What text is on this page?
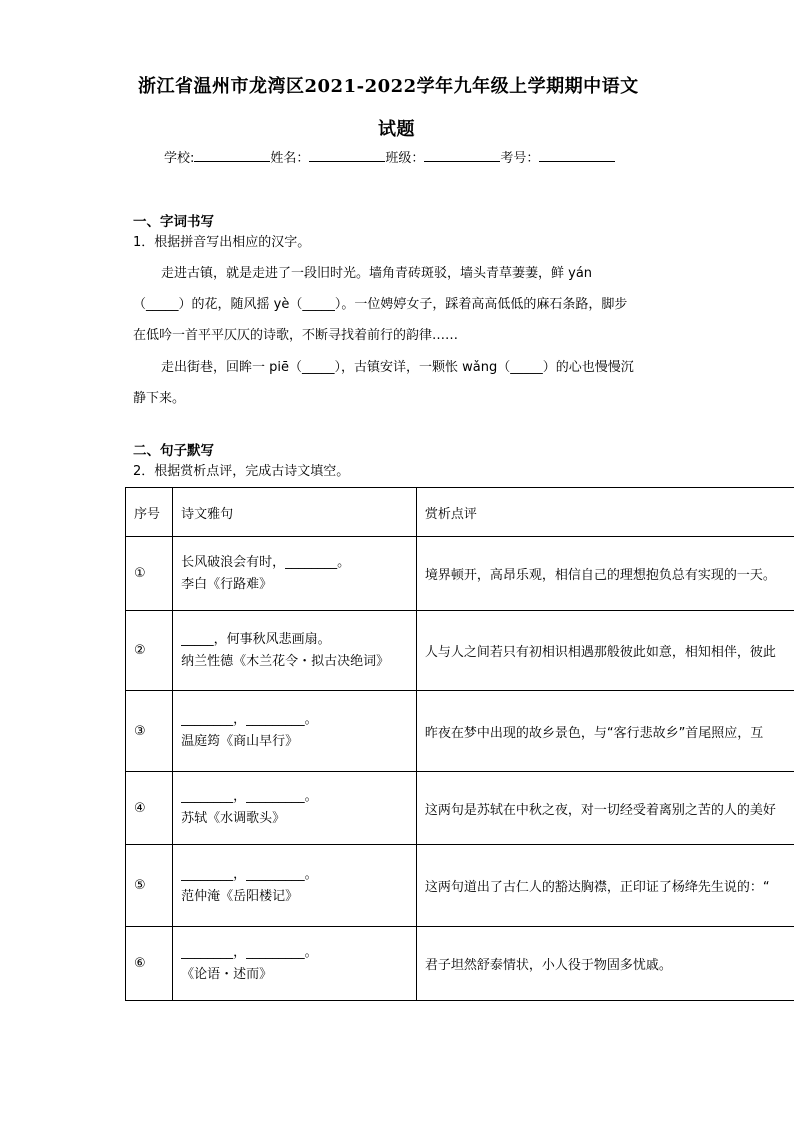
浙江省温州市龙湾区2021-2022学年九年级上学期期中语文
试题
学校:	姓名：	班级：	考号：
一、字词书写
1．根据拼音写出相应的汉字。
走进古镇，就是走进了一段旧时光。墙角青砖斑驳，墙头青草萋萋，鲜 yán
（_____）的花，随风摇 yè（_____）。一位娉婷女子，踩着高高低低的麻石条路，脚步
在低吟一首平平仄仄的诗歌，不断寻找着前行的韵律……
走出街巷，回眸一 piē（_____），古镇安详，一颗怅 wǎng（_____）的心也慢慢沉
静下来。
二、句子默写
2．根据赏析点评，完成古诗文填空。
序号	诗文雅句	赏析点评
①	长风破浪会有时，________。
李白《行路难》	境界顿开，高昂乐观，相信自己的理想抱负总有实现的一天。
②	_____，何事秋风悲画扇。
纳兰性德《木兰花令・拟古决绝词》	人与人之间若只有初相识相遇那般彼此如意，相知相伴，彼此
③	________，_________。
温庭筠《商山早行》	昨夜在梦中出现的故乡景色，与“客行悲故乡”首尾照应，互
④	________，_________。
苏轼《水调歌头》	这两句是苏轼在中秋之夜，对一切经受着离别之苦的人的美好
⑤	________，_________。
范仲淹《岳阳楼记》	这两句道出了古仁人的豁达胸襟，正印证了杨绛先生说的：“
⑥	________，_________。
《论语・述而》	君子坦然舒泰情状，小人役于物固多忧戚。
